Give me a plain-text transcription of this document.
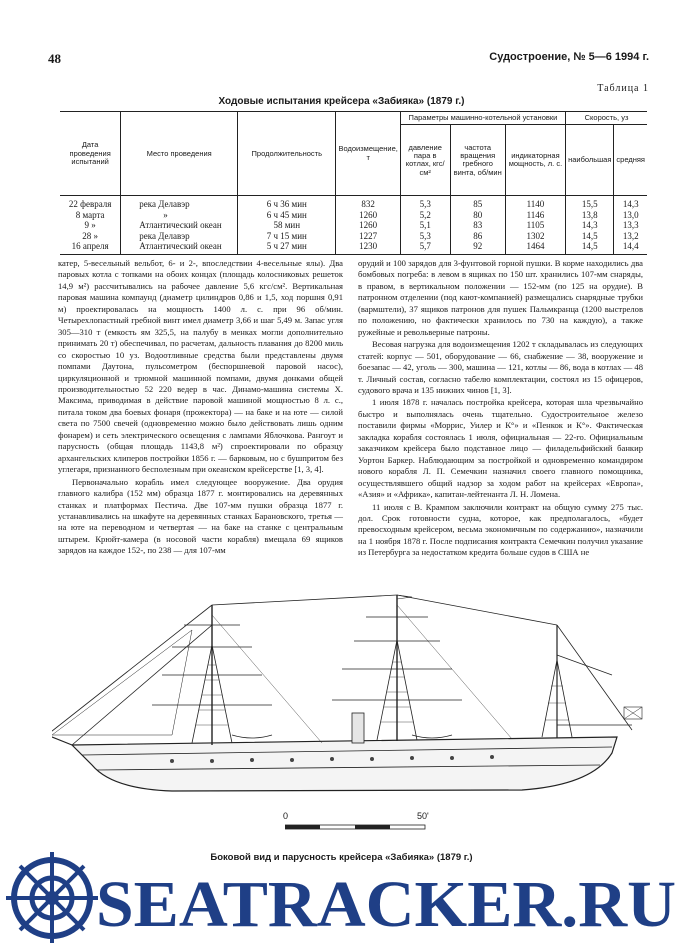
48	Судостроение, № 5—6 1994 г.
Таблица 1
Ходовые испытания крейсера «Забияка» (1879 г.)
Дата проведения испытаний	Место проведения	Продолжительность	Водоизмещение, т	Параметры машинно-котельной установки			Скорость, уз	
				давление пара в котлах, кгс/см²	частота вращения гребного винта, об/мин	индикаторная мощность, л. с.	наибольшая	средняя
22 февраля	река Делавэр	6 ч 36 мин	832	5,3	85	1140	15,5	14,3
8 марта	»	6 ч 45 мин	1260	5,2	80	1146	13,8	13,0
9 »	Атлантический океан	58 мин	1260	5,1	83	1105	14,3	13,3
28 »	река Делавэр	7 ч 15 мин	1227	5,3	86	1302	14,5	13,2
16 апреля	Атлантический океан	5 ч 27 мин	1230	5,7	92	1464	14,5	14,4

катер, 5-весельный вельбот, 6- и 2-, впоследствии 4-весельные ялы). Два паровых котла с топками на обоих концах (площадь колосниковых решеток 14,9 м²) рассчитывались на рабочее давление 5,6 кгс/см². Вертикальная паровая машина компаунд (диаметр цилиндров 0,86 и 1,5, ход поршня 0,91 м) проектировалась на мощность 1400 л. с. при 96 об/мин. Четырехлопастный гребной винт имел диаметр 3,66 и шаг 5,49 м. Запас угля 305—310 т (емкость ям 325,5, на палубу в менках могли дополнительно принимать 20 т) обеспечивал, по расчетам, дальность плавания до 8200 миль со скоростью 10 уз. Водоотливные средства были представлены двумя помпами Даутона, пульсометром (беспоршневой паровой насос), циркуляционной и трюмной машинной помпами, двумя донками общей производительностью 52 220 ведер в час. Динамо-машина системы Х. Максима, приводимая в действие паровой машиной мощностью 8 л. с., питала током два боевых фонаря (прожектора) — на баке и на юте — силой света по 7500 свечей (одновременно можно было действовать лишь одним фонарем) и сеть электрического освещения с лампами Яблочкова. Рангоут и парусность (общая площадь 1143,8 м²) спроектировали по образцу архангельских клиперов постройки 1856 г. — барковым, но с бушпритом без углегаря, признанного бесполезным при океанском крейсерстве [1, 3, 4].

Первоначально корабль имел следующее вооружение. Два орудия главного калибра (152 мм) образца 1877 г. монтировались на деревянных станках и платформах Пестича. Две 107-мм пушки образца 1877 г. устанавливались на шкафуте на деревянных станках Барановского, третья — на юте на переводном и четвертая — на баке на станке с центральным штырем. Крюйт-камера (в носовой части корабля) вмещала 69 ящиков зарядов на каждое 152-, по 238 — для 107-мм

орудий и 100 зарядов для 3-фунтовой горной пушки. В корме находились два бомбовых погреба: в левом в ящиках по 150 шт. хранились 107-мм снаряды, в правом, в вертикальном положении — 152-мм (по 125 на орудие). В патронном отделении (под кают-компанией) размещались снарядные трубки (вармштели), 37 ящиков патронов для пушек Пальмкранца (1200 выстрелов по положению, но фактически хранилось по 730 на каждую), а также ружейные и револьверные патроны.

Весовая нагрузка для водоизмещения 1202 т складывалась из следующих статей: корпус — 501, оборудование — 66, снабжение — 38, вооружение и боезапас — 42, уголь — 300, машина — 121, котлы — 86, вода в котлах — 48 т. Личный состав, согласно табелю комплектации, состоял из 15 офицеров, судового врача и 135 нижних чинов [1, 3].

1 июля 1878 г. началась постройка крейсера, которая шла чрезвычайно быстро и выполнялась очень тщательно. Судостроительное железо поставили фирмы «Моррис, Уилер и К°» и «Пенкок и К°». Фактическая закладка корабля состоялась 1 июля, официальная — 22-го. Официальным заказчиком крейсера было подставное лицо — филадельфийский банкир Уортон Баркер. Наблюдающим за постройкой и одновременно командиром нового корабля Л. П. Семечкин назначил своего главного помощника, осуществлявшего общий надзор за ходом работ на крейсерах «Европа», «Азия» и «Африка», капитан-лейтенанта Л. Н. Ломена.

11 июля с В. Крампом заключили контракт на общую сумму 275 тыс. дол. Срок готовности судна, которое, как предполагалось, «будет превосходным крейсером, весьма экономичным по содержанию», назначили на 1 ноября 1878 г. После подписания контракта Семечкин получил указание из Петербурга за недостатком кредита больше судов в США не

0	50'
Боковой вид и парусность крейсера «Забияка» (1879 г.)
SEATRACKER.RU
